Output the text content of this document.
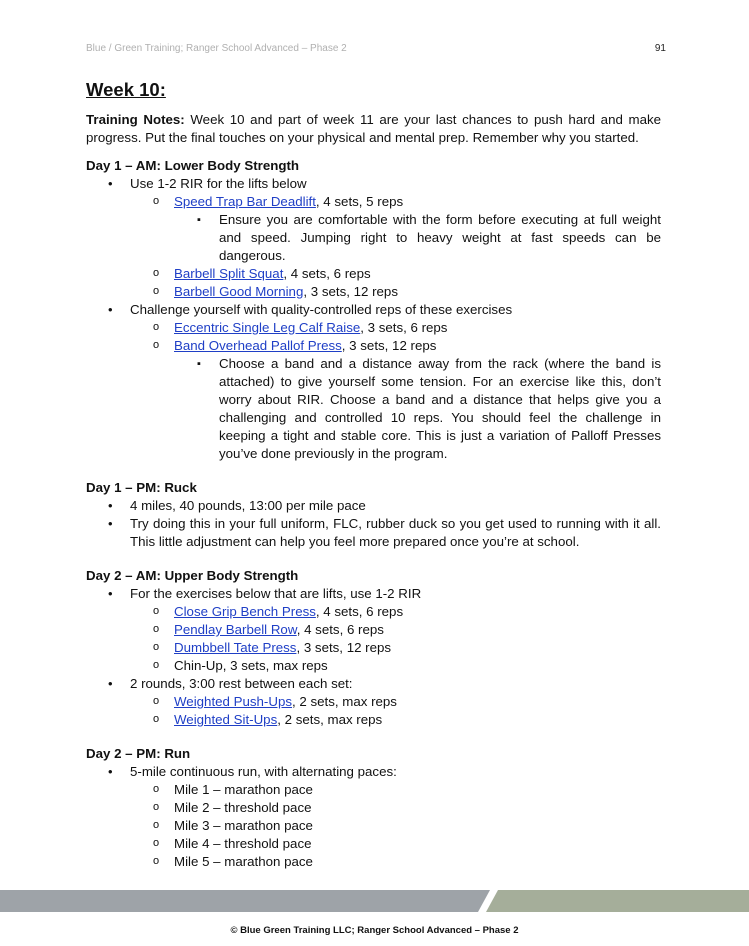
Blue / Green Training; Ranger School Advanced – Phase 2	91
Week 10:

Training Notes: Week 10 and part of week 11 are your last chances to push hard and make progress. Put the final touches on your physical and mental prep. Remember why you started.

Day 1 – AM: Lower Body Strength

• Use 1-2 RIR for the lifts below
o Speed Trap Bar Deadlift, 4 sets, 5 reps
▪ Ensure you are comfortable with the form before executing at full weight and speed. Jumping right to heavy weight at fast speeds can be dangerous.
o Barbell Split Squat, 4 sets, 6 reps
o Barbell Good Morning, 3 sets, 12 reps
• Challenge yourself with quality-controlled reps of these exercises
o Eccentric Single Leg Calf Raise, 3 sets, 6 reps
o Band Overhead Pallof Press, 3 sets, 12 reps
▪ Choose a band and a distance away from the rack (where the band is attached) to give yourself some tension. For an exercise like this, don’t worry about RIR. Choose a band and a distance that helps give you a challenging and controlled 10 reps. You should feel the challenge in keeping a tight and stable core. This is just a variation of Palloff Presses you’ve done previously in the program.

Day 1 – PM: Ruck

• 4 miles, 40 pounds, 13:00 per mile pace
• Try doing this in your full uniform, FLC, rubber duck so you get used to running with it all. This little adjustment can help you feel more prepared once you’re at school.

Day 2 – AM: Upper Body Strength

• For the exercises below that are lifts, use 1-2 RIR
o Close Grip Bench Press, 4 sets, 6 reps
o Pendlay Barbell Row, 4 sets, 6 reps
o Dumbbell Tate Press, 3 sets, 12 reps
o Chin-Up, 3 sets, max reps
• 2 rounds, 3:00 rest between each set:
o Weighted Push-Ups, 2 sets, max reps
o Weighted Sit-Ups, 2 sets, max reps

Day 2 – PM: Run

• 5-mile continuous run, with alternating paces:
o Mile 1 – marathon pace
o Mile 2 – threshold pace
o Mile 3 – marathon pace
o Mile 4 – threshold pace
o Mile 5 – marathon pace
© Blue Green Training LLC; Ranger School Advanced – Phase 2
